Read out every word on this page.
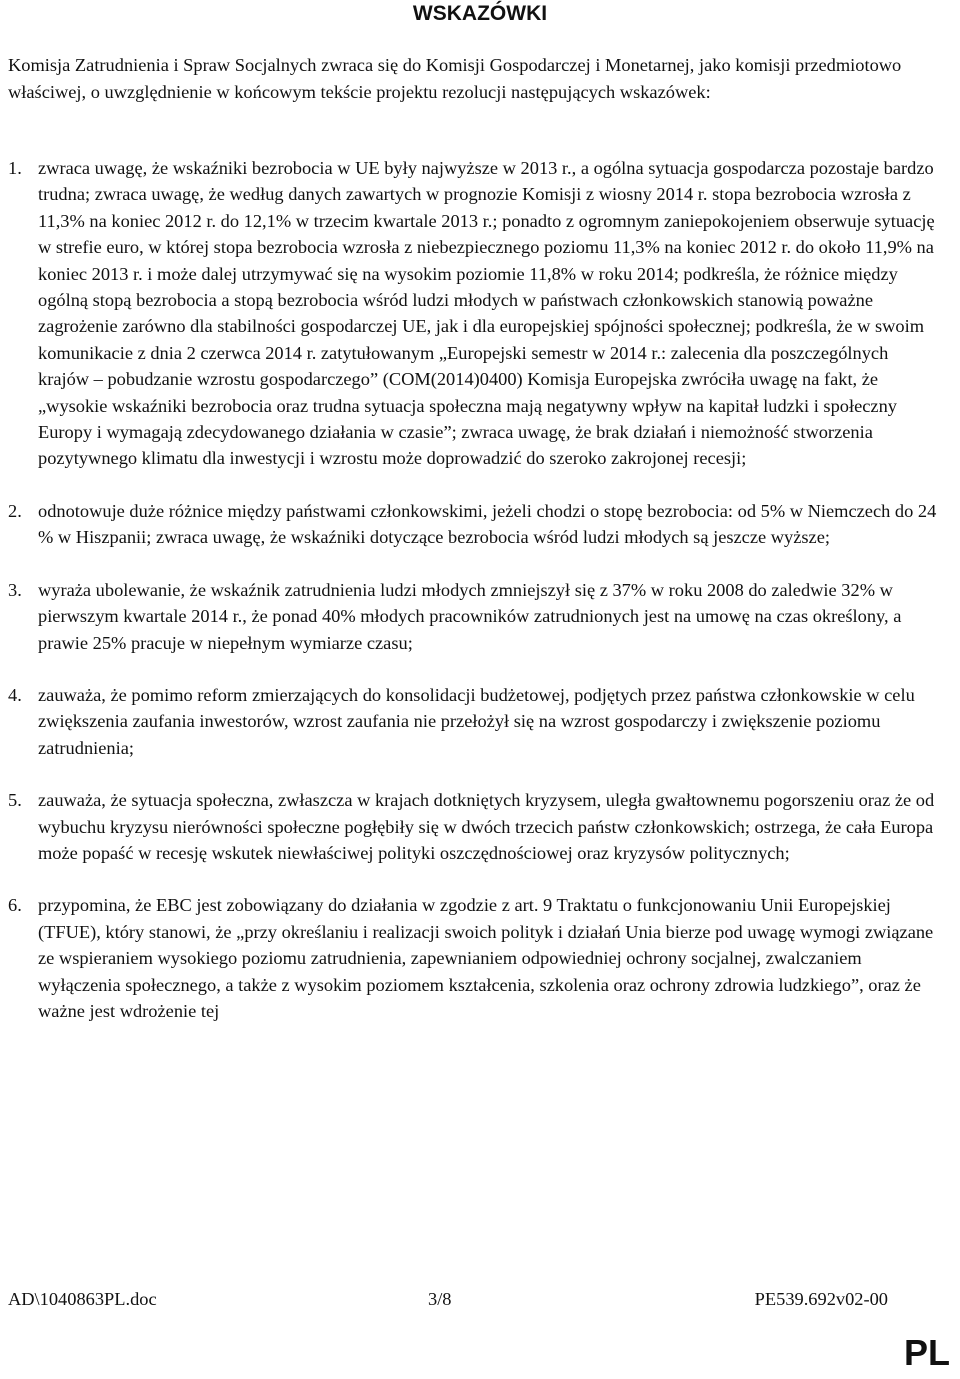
WSKAZÓWKI
Komisja Zatrudnienia i Spraw Socjalnych zwraca się do Komisji Gospodarczej i Monetarnej, jako komisji przedmiotowo właściwej, o uwzględnienie w końcowym tekście projektu rezolucji następujących wskazówek:
1. zwraca uwagę, że wskaźniki bezrobocia w UE były najwyższe w 2013 r., a ogólna sytuacja gospodarcza pozostaje bardzo trudna; zwraca uwagę, że według danych zawartych w prognozie Komisji z wiosny 2014 r. stopa bezrobocia wzrosła z 11,3% na koniec 2012 r. do 12,1% w trzecim kwartale 2013 r.; ponadto z ogromnym zaniepokojeniem obserwuje sytuację w strefie euro, w której stopa bezrobocia wzrosła z niebezpiecznego poziomu 11,3% na koniec 2012 r. do około 11,9% na koniec 2013 r. i może dalej utrzymywać się na wysokim poziomie 11,8% w roku 2014; podkreśla, że różnice między ogólną stopą bezrobocia a stopą bezrobocia wśród ludzi młodych w państwach członkowskich stanowią poważne zagrożenie zarówno dla stabilności gospodarczej UE, jak i dla europejskiej spójności społecznej; podkreśla, że w swoim komunikacie z dnia 2 czerwca 2014 r. zatytułowanym „Europejski semestr w 2014 r.: zalecenia dla poszczególnych krajów – pobudzanie wzrostu gospodarczego” (COM(2014)0400) Komisja Europejska zwróciła uwagę na fakt, że „wysokie wskaźniki bezrobocia oraz trudna sytuacja społeczna mają negatywny wpływ na kapitał ludzki i społeczny Europy i wymagają zdecydowanego działania w czasie”; zwraca uwagę, że brak działań i niemożność stworzenia pozytywnego klimatu dla inwestycji i wzrostu może doprowadzić do szeroko zakrojonej recesji;
2. odnotowuje duże różnice między państwami członkowskimi, jeżeli chodzi o stopę bezrobocia: od 5% w Niemczech do 24 % w Hiszpanii; zwraca uwagę, że wskaźniki dotyczące bezrobocia wśród ludzi młodych są jeszcze wyższe;
3. wyraża ubolewanie, że wskaźnik zatrudnienia ludzi młodych zmniejszył się z 37% w roku 2008 do zaledwie 32% w pierwszym kwartale 2014 r., że ponad 40% młodych pracowników zatrudnionych jest na umowę na czas określony, a prawie 25% pracuje w niepełnym wymiarze czasu;
4. zauważa, że pomimo reform zmierzających do konsolidacji budżetowej, podjętych przez państwa członkowskie w celu zwiększenia zaufania inwestorów, wzrost zaufania nie przełożył się na wzrost gospodarczy i zwiększenie poziomu zatrudnienia;
5. zauważa, że sytuacja społeczna, zwłaszcza w krajach dotkniętych kryzysem, uległa gwałtownemu pogorszeniu oraz że od wybuchu kryzysu nierówności społeczne pogłębiły się w dwóch trzecich państw członkowskich; ostrzega, że cała Europa może popaść w recesję wskutek niewłaściwej polityki oszczędnościowej oraz kryzysów politycznych;
6. przypomina, że EBC jest zobowiązany do działania w zgodzie z art. 9 Traktatu o funkcjonowaniu Unii Europejskiej (TFUE), który stanowi, że „przy określaniu i realizacji swoich polityk i działań Unia bierze pod uwagę wymogi związane ze wspieraniem wysokiego poziomu zatrudnienia, zapewnianiem odpowiedniej ochrony socjalnej, zwalczaniem wyłączenia społecznego, a także z wysokim poziomem kształcenia, szkolenia oraz ochrony zdrowia ludzkiego”, oraz że ważne jest wdrożenie tej
AD\1040863PL.doc	3/8	PE539.692v02-00
PL
